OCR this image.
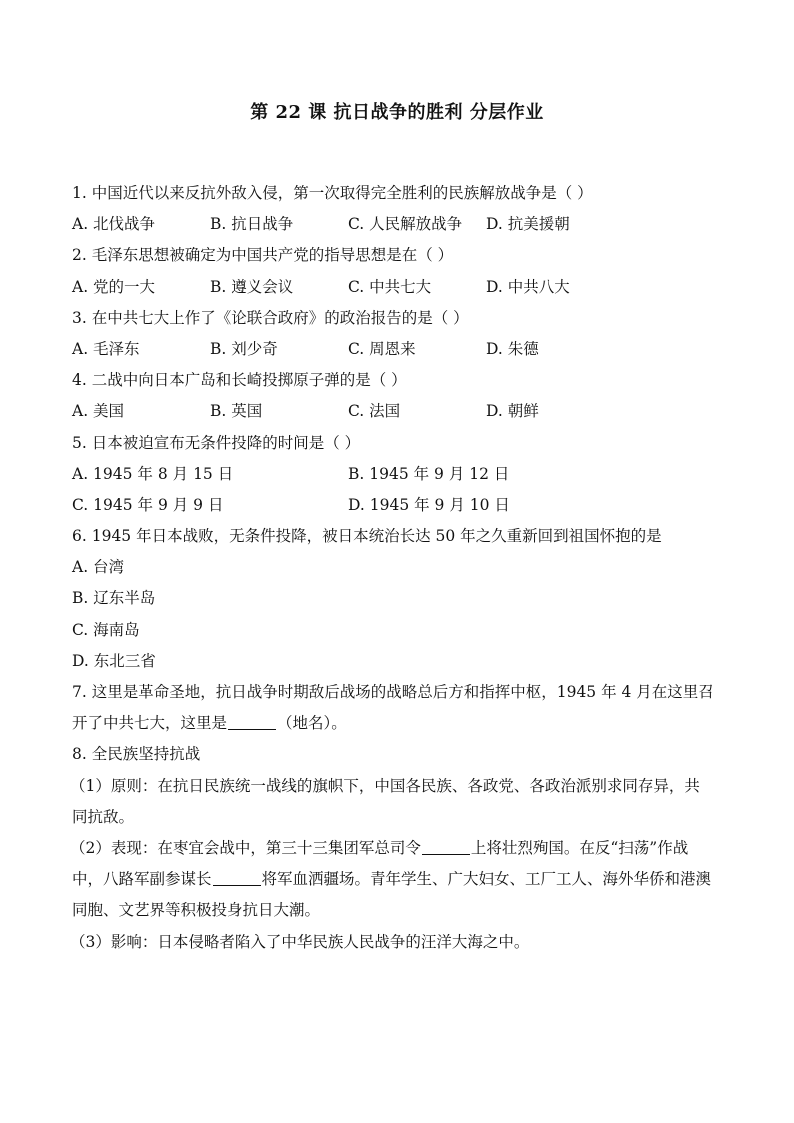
第 22 课 抗日战争的胜利 分层作业
1. 中国近代以来反抗外敌入侵，第一次取得完全胜利的民族解放战争是（ ）
A. 北伐战争	B. 抗日战争	C. 人民解放战争 D. 抗美援朝
2. 毛泽东思想被确定为中国共产党的指导思想是在（ ）
A. 党的一大	B. 遵义会议	C. 中共七大	D. 中共八大
3. 在中共七大上作了《论联合政府》的政治报告的是（ ）
A. 毛泽东	B. 刘少奇	C. 周恩来	D. 朱德
4. 二战中向日本广岛和长崎投掷原子弹的是（ ）
A. 美国	B. 英国	C. 法国	D. 朝鲜
5. 日本被迫宣布无条件投降的时间是（ ）
A. 1945 年 8 月 15 日	B. 1945 年 9 月 12 日
C. 1945 年 9 月 9 日	D. 1945 年 9 月 10 日
6. 1945 年日本战败，无条件投降，被日本统治长达 50 年之久重新回到祖国怀抱的是
A. 台湾
B. 辽东半岛
C. 海南岛
D. 东北三省
7. 这里是革命圣地，抗日战争时期敌后战场的战略总后方和指挥中枢，1945 年 4 月在这里召
开了中共七大，这里是	（地名）。
8. 全民族坚持抗战
（1）原则：在抗日民族统一战线的旗帜下，中国各民族、各政党、各政治派别求同存异，共
同抗敌。
（2）表现：在枣宜会战中，第三十三集团军总司令	上将壮烈殉国。在反“扫荡”作战
中，八路军副参谋长	将军血洒疆场。青年学生、广大妇女、工厂工人、海外华侨和港澳
同胞、文艺界等积极投身抗日大潮。
（3）影响：日本侵略者陷入了中华民族人民战争的汪洋大海之中。
